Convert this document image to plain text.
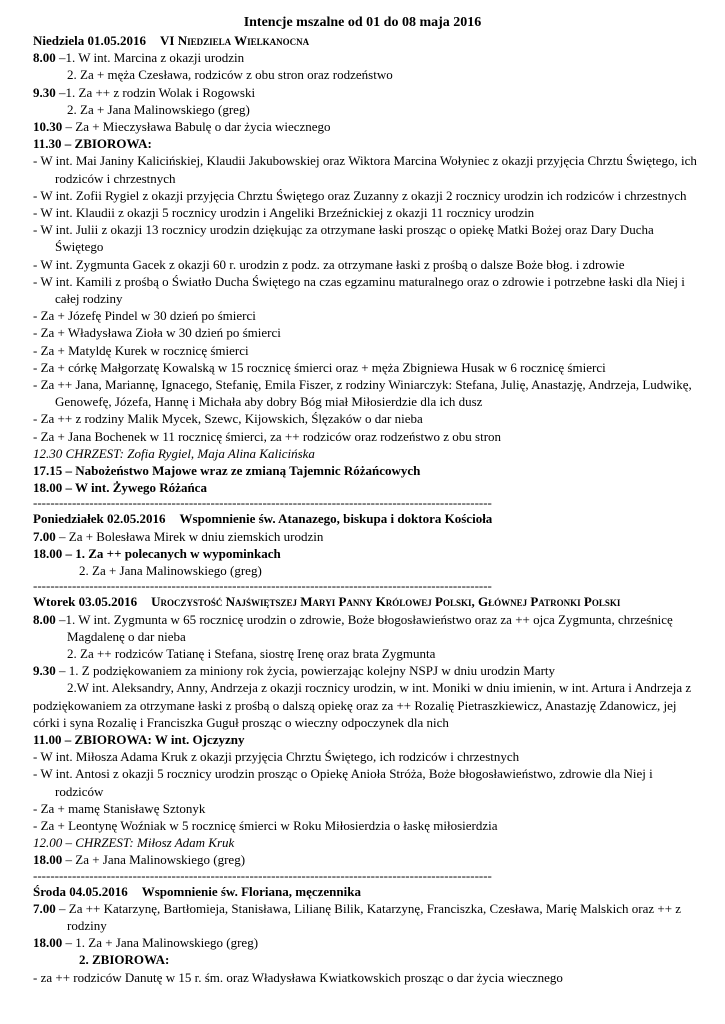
Intencje mszalne od 01 do 08 maja 2016
Niedziela 01.05.2016 VI Niedziela Wielkanocna
8.00 –1. W int. Marcina z okazji urodzin
2. Za + męża Czesława, rodziców z obu stron oraz rodzeństwo
9.30 –1. Za ++ z rodzin Wolak i Rogowski
2. Za + Jana Malinowskiego (greg)
10.30 – Za + Mieczysława Babulę o dar życia wiecznego
11.30 – ZBIOROWA:
- W int. Mai Janiny Kalicińskiej, Klaudii Jakubowskiej oraz Wiktora Marcina Wołyniec z okazji przyjęcia Chrztu Świętego, ich rodziców i chrzestnych
- W int. Zofii Rygiel z okazji przyjęcia Chrztu Świętego oraz Zuzanny z okazji 2 rocznicy urodzin ich rodziców i chrzestnych
- W int. Klaudii z okazji 5 rocznicy urodzin i Angeliki Brzeźnickiej z okazji 11 rocznicy urodzin
- W int. Julii z okazji 13 rocznicy urodzin dziękując za otrzymane łaski prosząc o opiekę Matki Bożej oraz Dary Ducha Świętego
- W int. Zygmunta Gacek z okazji 60 r. urodzin z podz. za otrzymane łaski z prośbą o dalsze Boże błog. i zdrowie
- W int. Kamili z prośbą o Światło Ducha Świętego na czas egzaminu maturalnego oraz o zdrowie i potrzebne łaski dla Niej i całej rodziny
- Za + Józefę Pindel w 30 dzień po śmierci
- Za + Władysława Zioła w 30 dzień po śmierci
- Za + Matyldę Kurek w rocznicę śmierci
- Za + córkę Małgorzatę Kowalską w 15 rocznicę śmierci oraz + męża Zbigniewa Husak w 6 rocznicę śmierci
- Za ++ Jana, Mariannę, Ignacego, Stefanię, Emila Fiszer, z rodziny Winiarczyk: Stefana, Julię, Anastazję, Andrzeja, Ludwikę, Genowefę, Józefa, Hannę i Michała aby dobry Bóg miał Miłosierdzie dla ich dusz
- Za ++ z rodziny Malik Mycek, Szewc, Kijowskich, Ślęzaków o dar nieba
- Za + Jana Bochenek w 11 rocznicę śmierci, za ++ rodziców oraz rodzeństwo z obu stron
12.30 CHRZEST: Zofia Rygiel, Maja Alina Kalicińska
17.15 – Nabożeństwo Majowe wraz ze zmianą Tajemnic Różańcowych
18.00 – W int. Żywego Różańca
----------------------------------------------------------------------------------------------------------
Poniedziałek 02.05.2016 Wspomnienie św. Atanazego, biskupa i doktora Kościoła
7.00 – Za + Bolesława Mirek w dniu ziemskich urodzin
18.00 – 1. Za ++ polecanych w wypominkach
2. Za + Jana Malinowskiego (greg)
----------------------------------------------------------------------------------------------------------
Wtorek 03.05.2016 Uroczystość Najświętszej Maryi Panny Królowej Polski, Głównej Patronki Polski
8.00 –1. W int. Zygmunta w 65 rocznicę urodzin o zdrowie, Boże błogosławieństwo oraz za ++ ojca Zygmunta, chrześnicę Magdalenę o dar nieba
2. Za ++ rodziców Tatianę i Stefana, siostrę Irenę oraz brata Zygmunta
9.30 – 1. Z podziękowaniem za miniony rok życia, powierzając kolejny NSPJ w dniu urodzin Marty
2.W int. Aleksandry, Anny, Andrzeja z okazji rocznicy urodzin, w int. Moniki w dniu imienin, w int. Artura i Andrzeja z podziękowaniem za otrzymane łaski z prośbą o dalszą opiekę oraz za ++ Rozalię Pietraszkiewicz, Anastazję Zdanowicz, jej córki i syna Rozalię i Franciszka Guguł prosząc o wieczny odpoczynek dla nich
11.00 – ZBIOROWA: W int. Ojczyzny
- W int. Miłosza Adama Kruk z okazji przyjęcia Chrztu Świętego, ich rodziców i chrzestnych
- W int. Antosi z okazji 5 rocznicy urodzin prosząc o Opiekę Anioła Stróża, Boże błogosławieństwo, zdrowie dla Niej i rodziców
- Za + mamę Stanisławę Sztonyk
- Za + Leontynę Woźniak w 5 rocznicę śmierci w Roku Miłosierdzia o łaskę miłosierdzia
12.00 – CHRZEST: Miłosz Adam Kruk
18.00 – Za + Jana Malinowskiego (greg)
----------------------------------------------------------------------------------------------------------
Środa 04.05.2016 Wspomnienie św. Floriana, męczennika
7.00 – Za ++ Katarzynę, Bartłomieja, Stanisława, Lilianę Bilik, Katarzynę, Franciszka, Czesława, Marię Malskich oraz ++ z rodziny
18.00 – 1. Za + Jana Malinowskiego (greg)
2. ZBIOROWA:
- za ++ rodziców Danutę w 15 r. śm. oraz Władysława Kwiatkowskich prosząc o dar życia wiecznego
